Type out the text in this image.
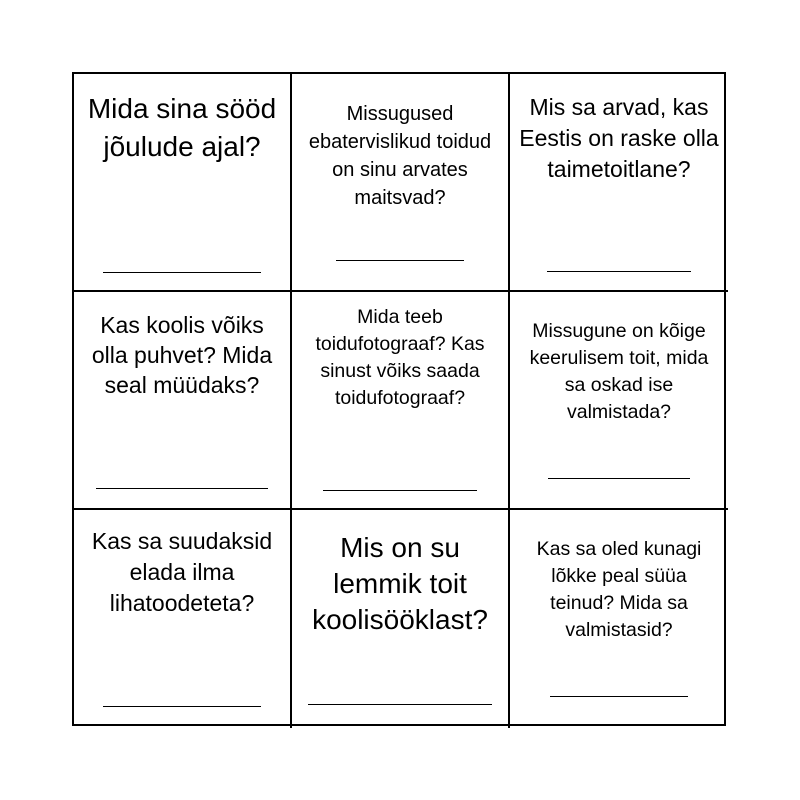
Mida sina sööd jõulude ajal?

Missugused ebatervislikud toidud on sinu arvates maitsvad?

Mis sa arvad, kas Eestis on raske olla taimetoitlane?

Kas koolis võiks olla puhvet? Mida seal müüdaks?

Mida teeb toidufotograaf? Kas sinust võiks saada toidufotograaf?

Missugune on kõige keerulisem toit, mida sa oskad ise valmistada?

Kas sa suudaksid elada ilma lihatoodeteta?

Mis on su lemmik toit koolisööklast?

Kas sa oled kunagi lõkke peal süüa teinud? Mida sa valmistasid?
